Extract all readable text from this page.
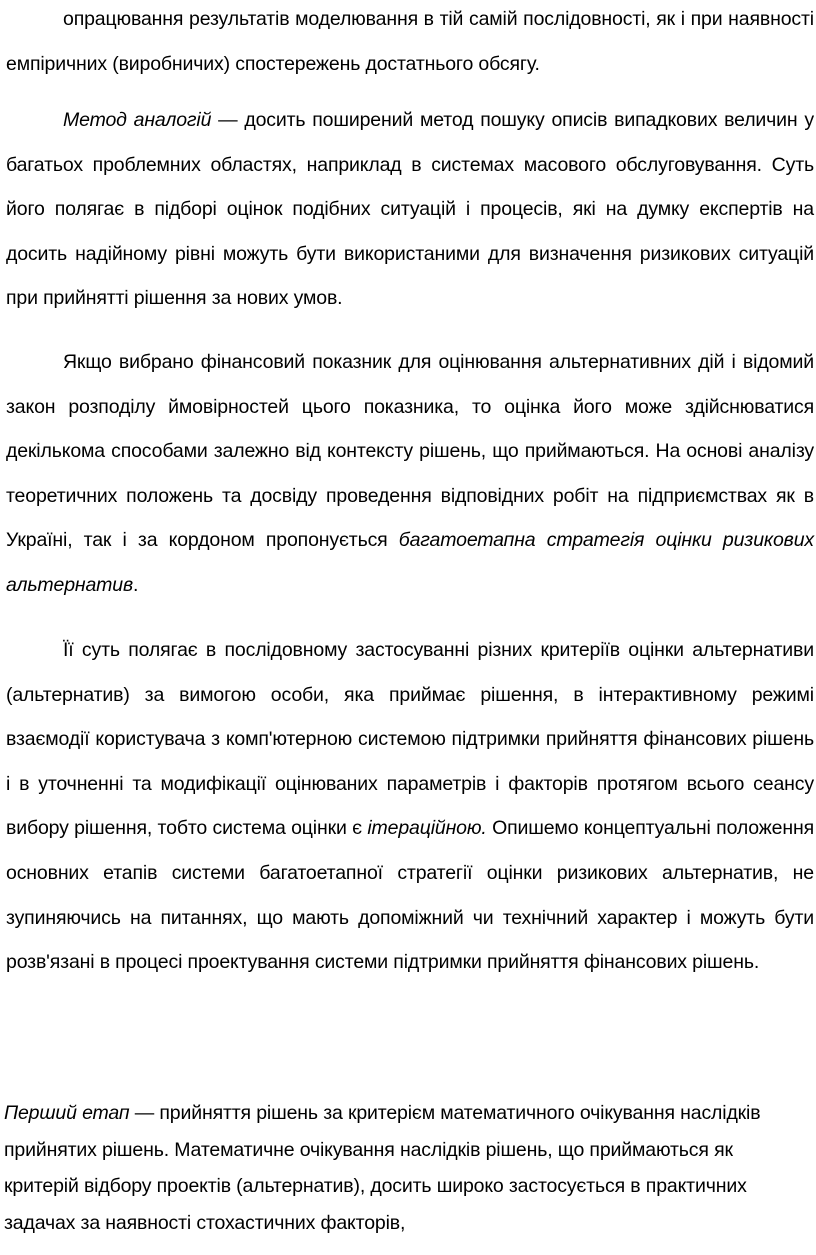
опрацювання результатів моделювання в тій самій послідовності, як і при наявності емпіричних (виробничих) спостережень достатнього обсягу.

Метод аналогій — досить поширений метод пошуку описів випадкових величин у багатьох проблемних областях, наприклад в системах масового обслуговування. Суть його полягає в підборі оцінок подібних ситуацій і процесів, які на думку експертів на досить надійному рівні можуть бути використаними для визначення ризикових ситуацій при прийнятті рішення за нових умов.

Якщо вибрано фінансовий показник для оцінювання альтернативних дій і відомий закон розподілу ймовірностей цього показника, то оцінка його може здійснюватися декількома способами залежно від контексту рішень, що приймаються. На основі аналізу теоретичних положень та досвіду проведення відповідних робіт на підприємствах як в Україні, так і за кордоном пропонується багатоетапна стратегія оцінки ризикових альтернатив.

Її суть полягає в послідовному застосуванні різних критеріїв оцінки альтернативи (альтернатив) за вимогою особи, яка приймає рішення, в інтерактивному режимі взаємодії користувача з комп'ютерною системою підтримки прийняття фінансових рішень і в уточненні та модифікації оцінюваних параметрів і факторів протягом всього сеансу вибору рішення, тобто система оцінки є ітераційною. Опишемо концептуальні положення основних етапів системи багатоетапної стратегії оцінки ризикових альтернатив, не зупиняючись на питаннях, що мають допоміжний чи технічний характер і можуть бути розв'язані в процесі проектування системи підтримки прийняття фінансових рішень.

Перший етап — прийняття рішень за критерієм математичного очікування наслідків прийнятих рішень. Математичне очікування наслідків рішень, що приймаються як критерій відбору проектів (альтернатив), досить широко застосується в практичних задачах за наявності стохастичних факторів,
